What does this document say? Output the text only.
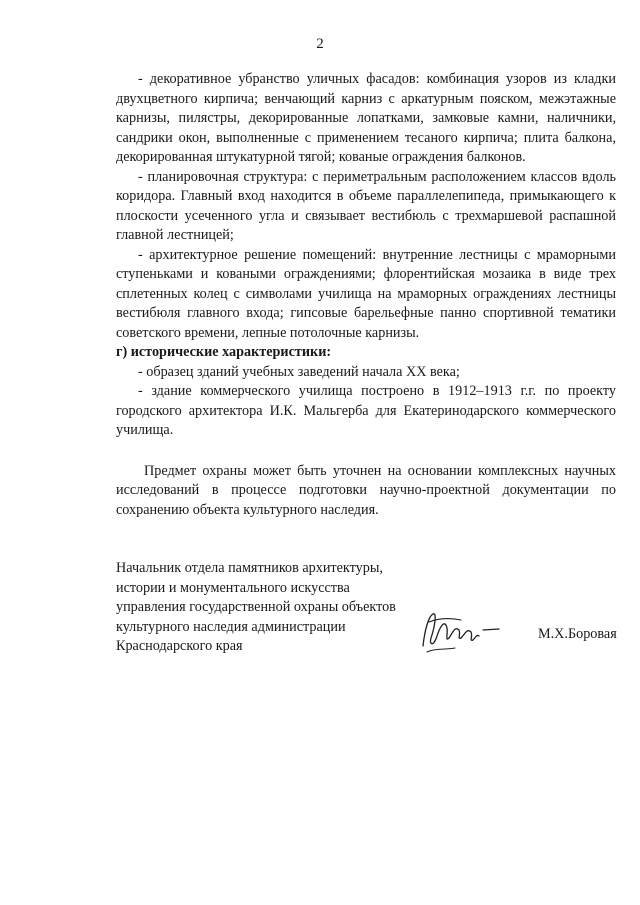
2

- декоративное убранство уличных фасадов: комбинация узоров из кладки двухцветного кирпича; венчающий карниз с аркатурным пояском, межэтажные карнизы, пилястры, декорированные лопатками, замковые камни, наличники, сандрики окон, выполненные с применением тесаного кирпича; плита балкона, декорированная штукатурной тягой; кованые ограждения балконов.

- планировочная структура: с периметральным расположением классов вдоль коридора. Главный вход находится в объеме параллелепипеда, примыкающего к плоскости усеченного угла и связывает вестибюль с трехмаршевой распашной главной лестницей;

- архитектурное решение помещений: внутренние лестницы с мраморными ступеньками и коваными ограждениями; флорентийская мозаика в виде трех сплетенных колец с символами училища на мраморных ограждениях лестницы вестибюля главного входа; гипсовые барельефные панно спортивной тематики советского времени, лепные потолочные карнизы.

г) исторические характеристики:

- образец зданий учебных заведений начала XX века;

- здание коммерческого училища построено в 1912–1913 г.г. по проекту городского архитектора И.К. Мальгерба для Екатеринодарского коммерческого училища.

Предмет охраны может быть уточнен на основании комплексных научных исследований в процессе подготовки научно-проектной документации по сохранению объекта культурного наследия.

Начальник отдела памятников архитектуры,
истории и монументального искусства
управления государственной охраны объектов
культурного наследия администрации
Краснодарского края
М.Х.Боровая
